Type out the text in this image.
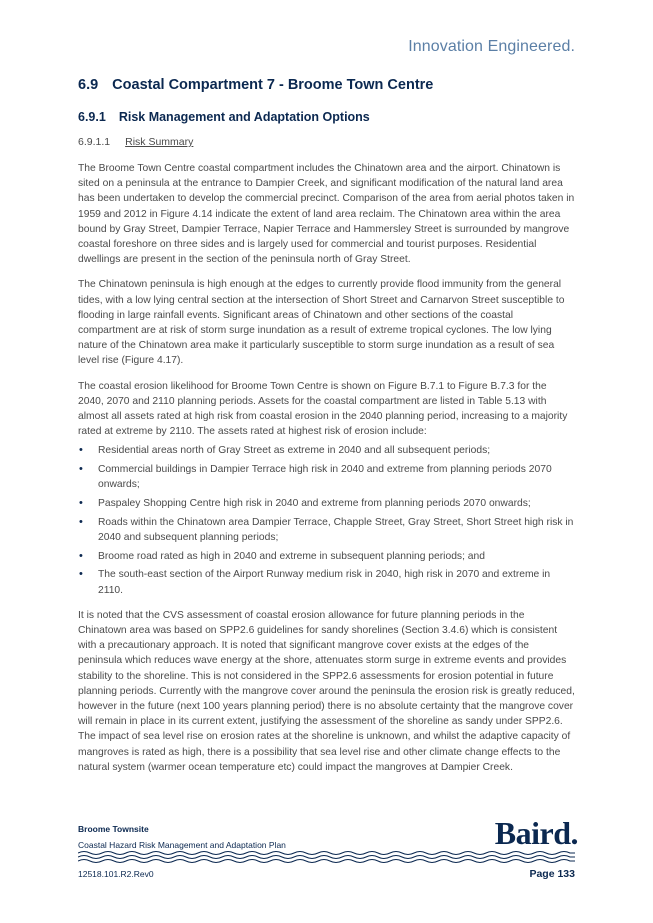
Innovation Engineered.
6.9 Coastal Compartment 7 - Broome Town Centre
6.9.1 Risk Management and Adaptation Options
6.9.1.1 Risk Summary

The Broome Town Centre coastal compartment includes the Chinatown area and the airport. Chinatown is sited on a peninsula at the entrance to Dampier Creek, and significant modification of the natural land area has been undertaken to develop the commercial precinct. Comparison of the area from aerial photos taken in 1959 and 2012 in Figure 4.14 indicate the extent of land area reclaim. The Chinatown area within the area bound by Gray Street, Dampier Terrace, Napier Terrace and Hammersley Street is surrounded by mangrove coastal foreshore on three sides and is largely used for commercial and tourist purposes. Residential dwellings are present in the section of the peninsula north of Gray Street.

The Chinatown peninsula is high enough at the edges to currently provide flood immunity from the general tides, with a low lying central section at the intersection of Short Street and Carnarvon Street susceptible to flooding in large rainfall events. Significant areas of Chinatown and other sections of the coastal compartment are at risk of storm surge inundation as a result of extreme tropical cyclones. The low lying nature of the Chinatown area make it particularly susceptible to storm surge inundation as a result of sea level rise (Figure 4.17).

The coastal erosion likelihood for Broome Town Centre is shown on Figure B.7.1 to Figure B.7.3 for the 2040, 2070 and 2110 planning periods. Assets for the coastal compartment are listed in Table 5.13 with almost all assets rated at high risk from coastal erosion in the 2040 planning period, increasing to a majority rated at extreme by 2110. The assets rated at highest risk of erosion include:

• Residential areas north of Gray Street as extreme in 2040 and all subsequent periods;
• Commercial buildings in Dampier Terrace high risk in 2040 and extreme from planning periods 2070 onwards;
• Paspaley Shopping Centre high risk in 2040 and extreme from planning periods 2070 onwards;
• Roads within the Chinatown area Dampier Terrace, Chapple Street, Gray Street, Short Street high risk in 2040 and subsequent planning periods;
• Broome road rated as high in 2040 and extreme in subsequent planning periods; and
• The south-east section of the Airport Runway medium risk in 2040, high risk in 2070 and extreme in 2110.

It is noted that the CVS assessment of coastal erosion allowance for future planning periods in the Chinatown area was based on SPP2.6 guidelines for sandy shorelines (Section 3.4.6) which is consistent with a precautionary approach. It is noted that significant mangrove cover exists at the edges of the peninsula which reduces wave energy at the shore, attenuates storm surge in extreme events and provides stability to the shoreline. This is not considered in the SPP2.6 assessments for erosion potential in future planning periods. Currently with the mangrove cover around the peninsula the erosion risk is greatly reduced, however in the future (next 100 years planning period) there is no absolute certainty that the mangrove cover will remain in place in its current extent, justifying the assessment of the shoreline as sandy under SPP2.6. The impact of sea level rise on erosion rates at the shoreline is unknown, and whilst the adaptive capacity of mangroves is rated as high, there is a possibility that sea level rise and other climate change effects to the natural system (warmer ocean temperature etc) could impact the mangroves at Dampier Creek.

Broome Townsite
Coastal Hazard Risk Management and Adaptation Plan	Baird.
12518.101.R2.Rev0	Page 133
